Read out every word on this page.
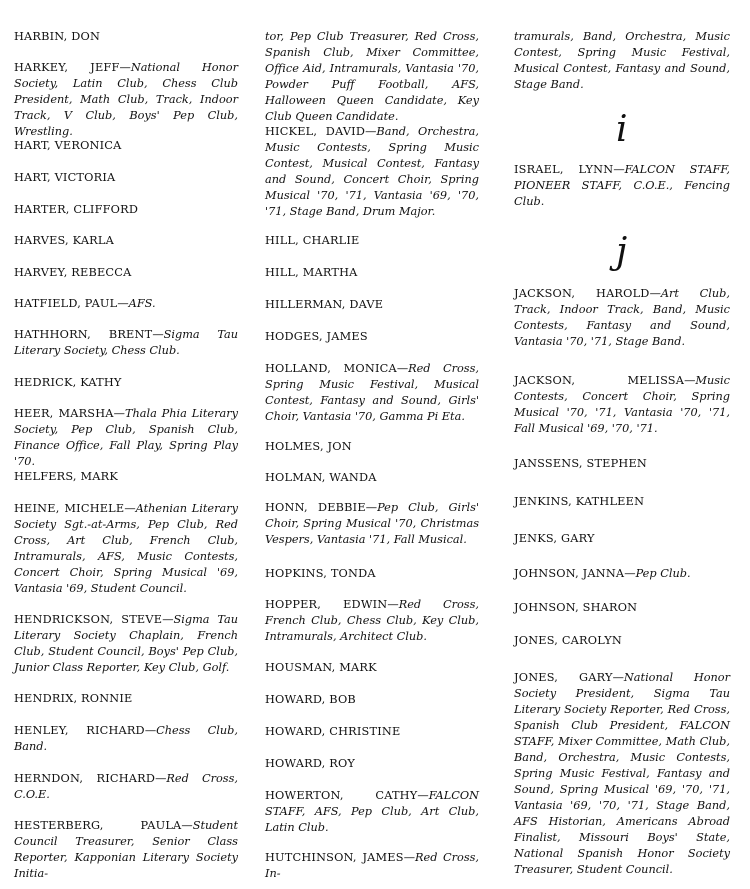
HARBIN, DON
HARKEY, JEFF—National Honor Society, Latin Club, Chess Club President, Math Club, Track, Indoor Track, V Club, Boys' Pep Club, Wrestling.
HART, VERONICA
HART, VICTORIA
HARTER, CLIFFORD
HARVES, KARLA
HARVEY, REBECCA
HATFIELD, PAUL—AFS.
HATHHORN, BRENT—Sigma Tau Literary Society, Chess Club.
HEDRICK, KATHY
HEER, MARSHA—Thala Phia Literary Society, Pep Club, Spanish Club, Finance Office, Fall Play, Spring Play '70.
HELFERS, MARK
HEINE, MICHELE—Athenian Literary Society Sgt.-at-Arms, Pep Club, Red Cross, Art Club, French Club, Intramurals, AFS, Music Contests, Concert Choir, Spring Musical '69, Vantasia '69, Student Council.
HENDRICKSON, STEVE—Sigma Tau Literary Society Chaplain, French Club, Student Council, Boys' Pep Club, Junior Class Reporter, Key Club, Golf.
HENDRIX, RONNIE
HENLEY, RICHARD—Chess Club, Band.
HERNDON, RICHARD—Red Cross, C.O.E.
HESTERBERG, PAULA—Student Council Treasurer, Senior Class Reporter, Kapponian Literary Society Initia-
tor, Pep Club Treasurer, Red Cross, Spanish Club, Mixer Committee, Office Aid, Intramurals, Vantasia '70, Powder Puff Football, AFS, Halloween Queen Candidate, Key Club Queen Candidate.
HICKEL, DAVID—Band, Orchestra, Music Contests, Spring Music Contest, Musical Contest, Fantasy and Sound, Concert Choir, Spring Musical '70, '71, Vantasia '69, '70, '71, Stage Band, Drum Major.
HILL, CHARLIE
HILL, MARTHA
HILLERMAN, DAVE
HODGES, JAMES
HOLLAND, MONICA—Red Cross, Spring Music Festival, Musical Contest, Fantasy and Sound, Girls' Choir, Vantasia '70, Gamma Pi Eta.
HOLMES, JON
HOLMAN, WANDA
HONN, DEBBIE—Pep Club, Girls' Choir, Spring Musical '70, Christmas Vespers, Vantasia '71, Fall Musical.
HOPKINS, TONDA
HOPPER, EDWIN—Red Cross, French Club, Chess Club, Key Club, Intramurals, Architect Club.
HOUSMAN, MARK
HOWARD, BOB
HOWARD, CHRISTINE
HOWARD, ROY
HOWERTON, CATHY—FALCON STAFF, AFS, Pep Club, Art Club, Latin Club.
HUTCHINSON, JAMES—Red Cross, In-
i
j
tramurals, Band, Orchestra, Music Contest, Spring Music Festival, Musical Contest, Fantasy and Sound, Stage Band.
ISRAEL, LYNN—FALCON STAFF, PIONEER STAFF, C.O.E., Fencing Club.
JACKSON, HAROLD—Art Club, Track, Indoor Track, Band, Music Contests, Fantasy and Sound, Vantasia '70, '71, Stage Band.
JACKSON, MELISSA—Music Contests, Concert Choir, Spring Musical '70, '71, Vantasia '70, '71, Fall Musical '69, '70, '71.
JANSSENS, STEPHEN
JENKINS, KATHLEEN
JENKS, GARY
JOHNSON, JANNA—Pep Club.
JOHNSON, SHARON
JONES, CAROLYN
JONES, GARY—National Honor Society President, Sigma Tau Literary Society Reporter, Red Cross, Spanish Club President, FALCON STAFF, Mixer Committee, Math Club, Band, Orchestra, Music Contests, Spring Music Festival, Fantasy and Sound, Spring Musical '69, '70, '71, Vantasia '69, '70, '71, Stage Band, AFS Historian, Americans Abroad Finalist, Missouri Boys' State, National Spanish Honor Society Treasurer, Student Council.
